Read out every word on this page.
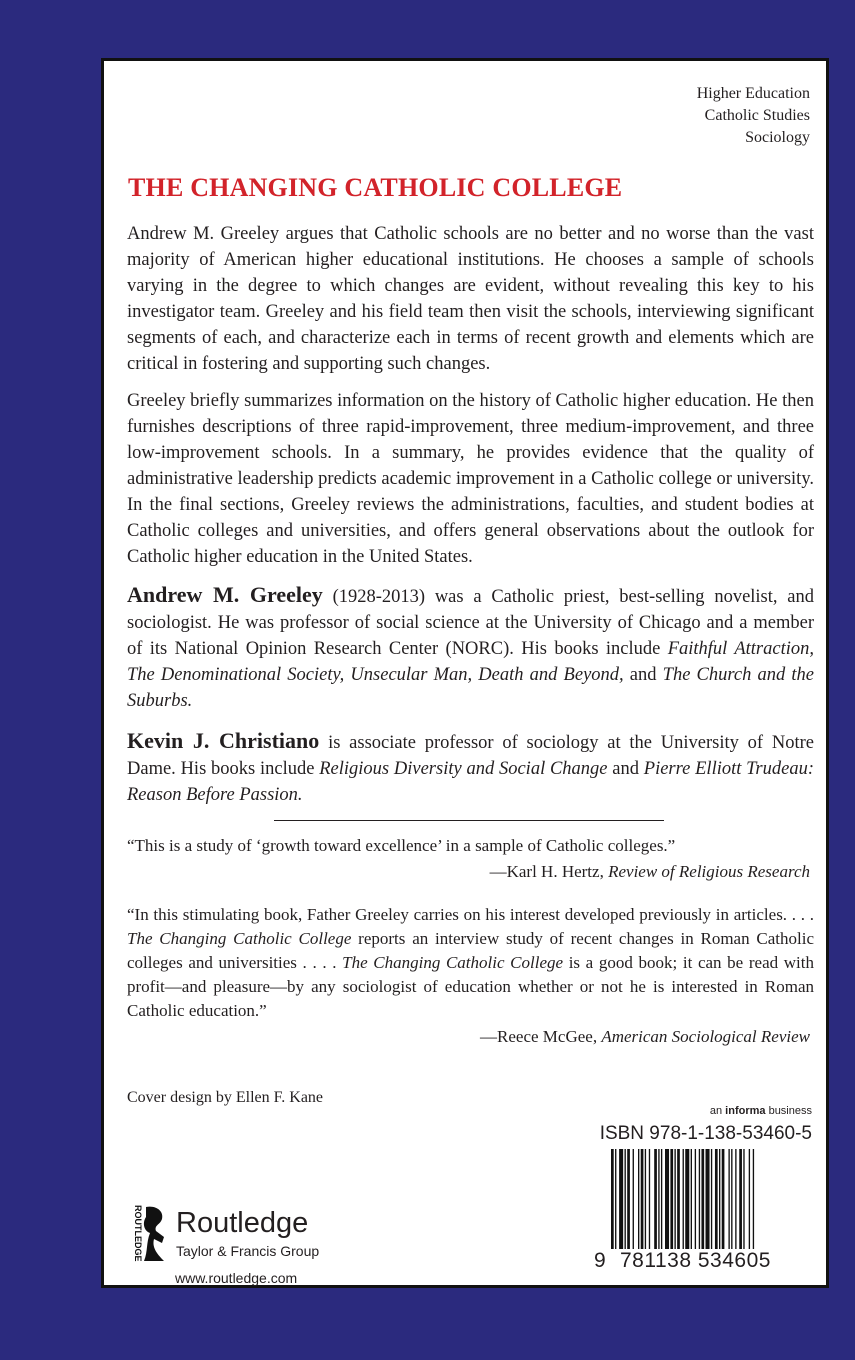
Higher Education
Catholic Studies
Sociology
THE CHANGING CATHOLIC COLLEGE

Andrew M. Greeley argues that Catholic schools are no better and no worse than the vast majority of American higher educational institutions. He chooses a sample of schools varying in the degree to which changes are evident, without revealing this key to his investigator team. Greeley and his field team then visit the schools, interviewing significant segments of each, and characterize each in terms of recent growth and elements which are critical in fostering and supporting such changes.

Greeley briefly summarizes information on the history of Catholic higher education. He then furnishes descriptions of three rapid-improvement, three medium-improvement, and three low-improvement schools. In a summary, he provides evidence that the quality of administrative leadership predicts academic improvement in a Catholic college or university. In the final sections, Greeley reviews the administrations, faculties, and student bodies at Catholic colleges and universities, and offers general observations about the outlook for Catholic higher education in the United States.

Andrew M. Greeley (1928-2013) was a Catholic priest, best-selling novelist, and sociologist. He was professor of social science at the University of Chicago and a member of its National Opinion Research Center (NORC). His books include Faithful Attraction, The Denominational Society, Unsecular Man, Death and Beyond, and The Church and the Suburbs.

Kevin J. Christiano is associate professor of sociology at the University of Notre Dame. His books include Religious Diversity and Social Change and Pierre Elliott Trudeau: Reason Before Passion.

“This is a study of ‘growth toward excellence’ in a sample of Catholic colleges.”

—Karl H. Hertz, Review of Religious Research

“In this stimulating book, Father Greeley carries on his interest developed previously in articles. . . . The Changing Catholic College reports an interview study of recent changes in Roman Catholic colleges and universities . . . . The Changing Catholic College is a good book; it can be read with profit—and pleasure—by any sociologist of education whether or not he is interested in Roman Catholic education.”

—Reece McGee, American Sociological Review
Cover design by Ellen F. Kane
an informa business
ISBN 978-1-138-53460-5
9 781138 534605
ROUTLEDGE Routledge
Taylor & Francis Group
www.routledge.com
